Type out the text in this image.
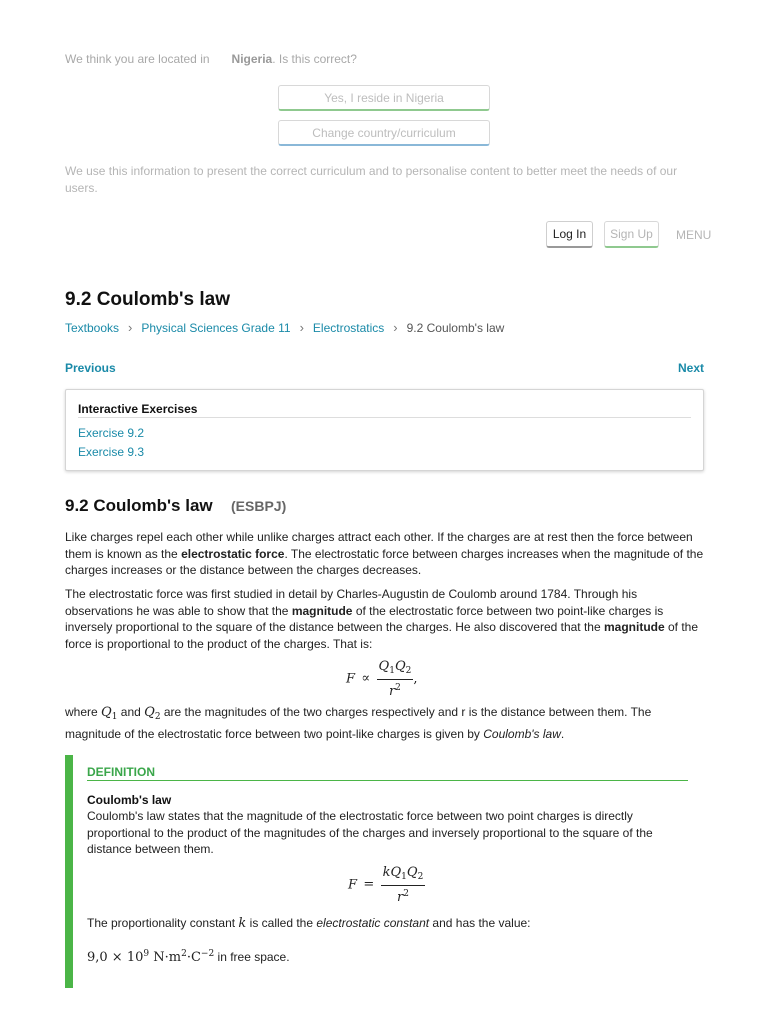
We think you are located in Nigeria. Is this correct?
Yes, I reside in Nigeria
Change country/curriculum
We use this information to present the correct curriculum and to personalise content to better meet the needs of our users.
Log In	Sign Up	MENU
9.2 Coulomb's law
Textbooks › Physical Sciences Grade 11 › Electrostatics › 9.2 Coulomb's law
Previous	Next
Interactive Exercises
Exercise 9.2
Exercise 9.3
9.2 Coulomb's law (ESBPJ)
Like charges repel each other while unlike charges attract each other. If the charges are at rest then the force between them is known as the electrostatic force. The electrostatic force between charges increases when the magnitude of the charges increases or the distance between the charges decreases.
The electrostatic force was first studied in detail by Charles-Augustin de Coulomb around 1784. Through his observations he was able to show that the magnitude of the electrostatic force between two point-like charges is inversely proportional to the square of the distance between the charges. He also discovered that the magnitude of the force is proportional to the product of the charges. That is:
$F \propto \frac{Q_1Q_2}{r^2}$ ,
where $Q_1$ and $Q_2$ are the magnitudes of the two charges respectively and r is the distance between them. The magnitude of the electrostatic force between two point-like charges is given by Coulomb's law.
DEFINITION
Coulomb's law
Coulomb's law states that the magnitude of the electrostatic force between two point charges is directly proportional to the product of the magnitudes of the charges and inversely proportional to the square of the distance between them.
$F = \frac{kQ_1Q_2}{r^2}$
The proportionality constant k is called the electrostatic constant and has the value:
$9,0 \times 10^9$ $N\cdot m^2\cdot C^{-2}$ in free space.
